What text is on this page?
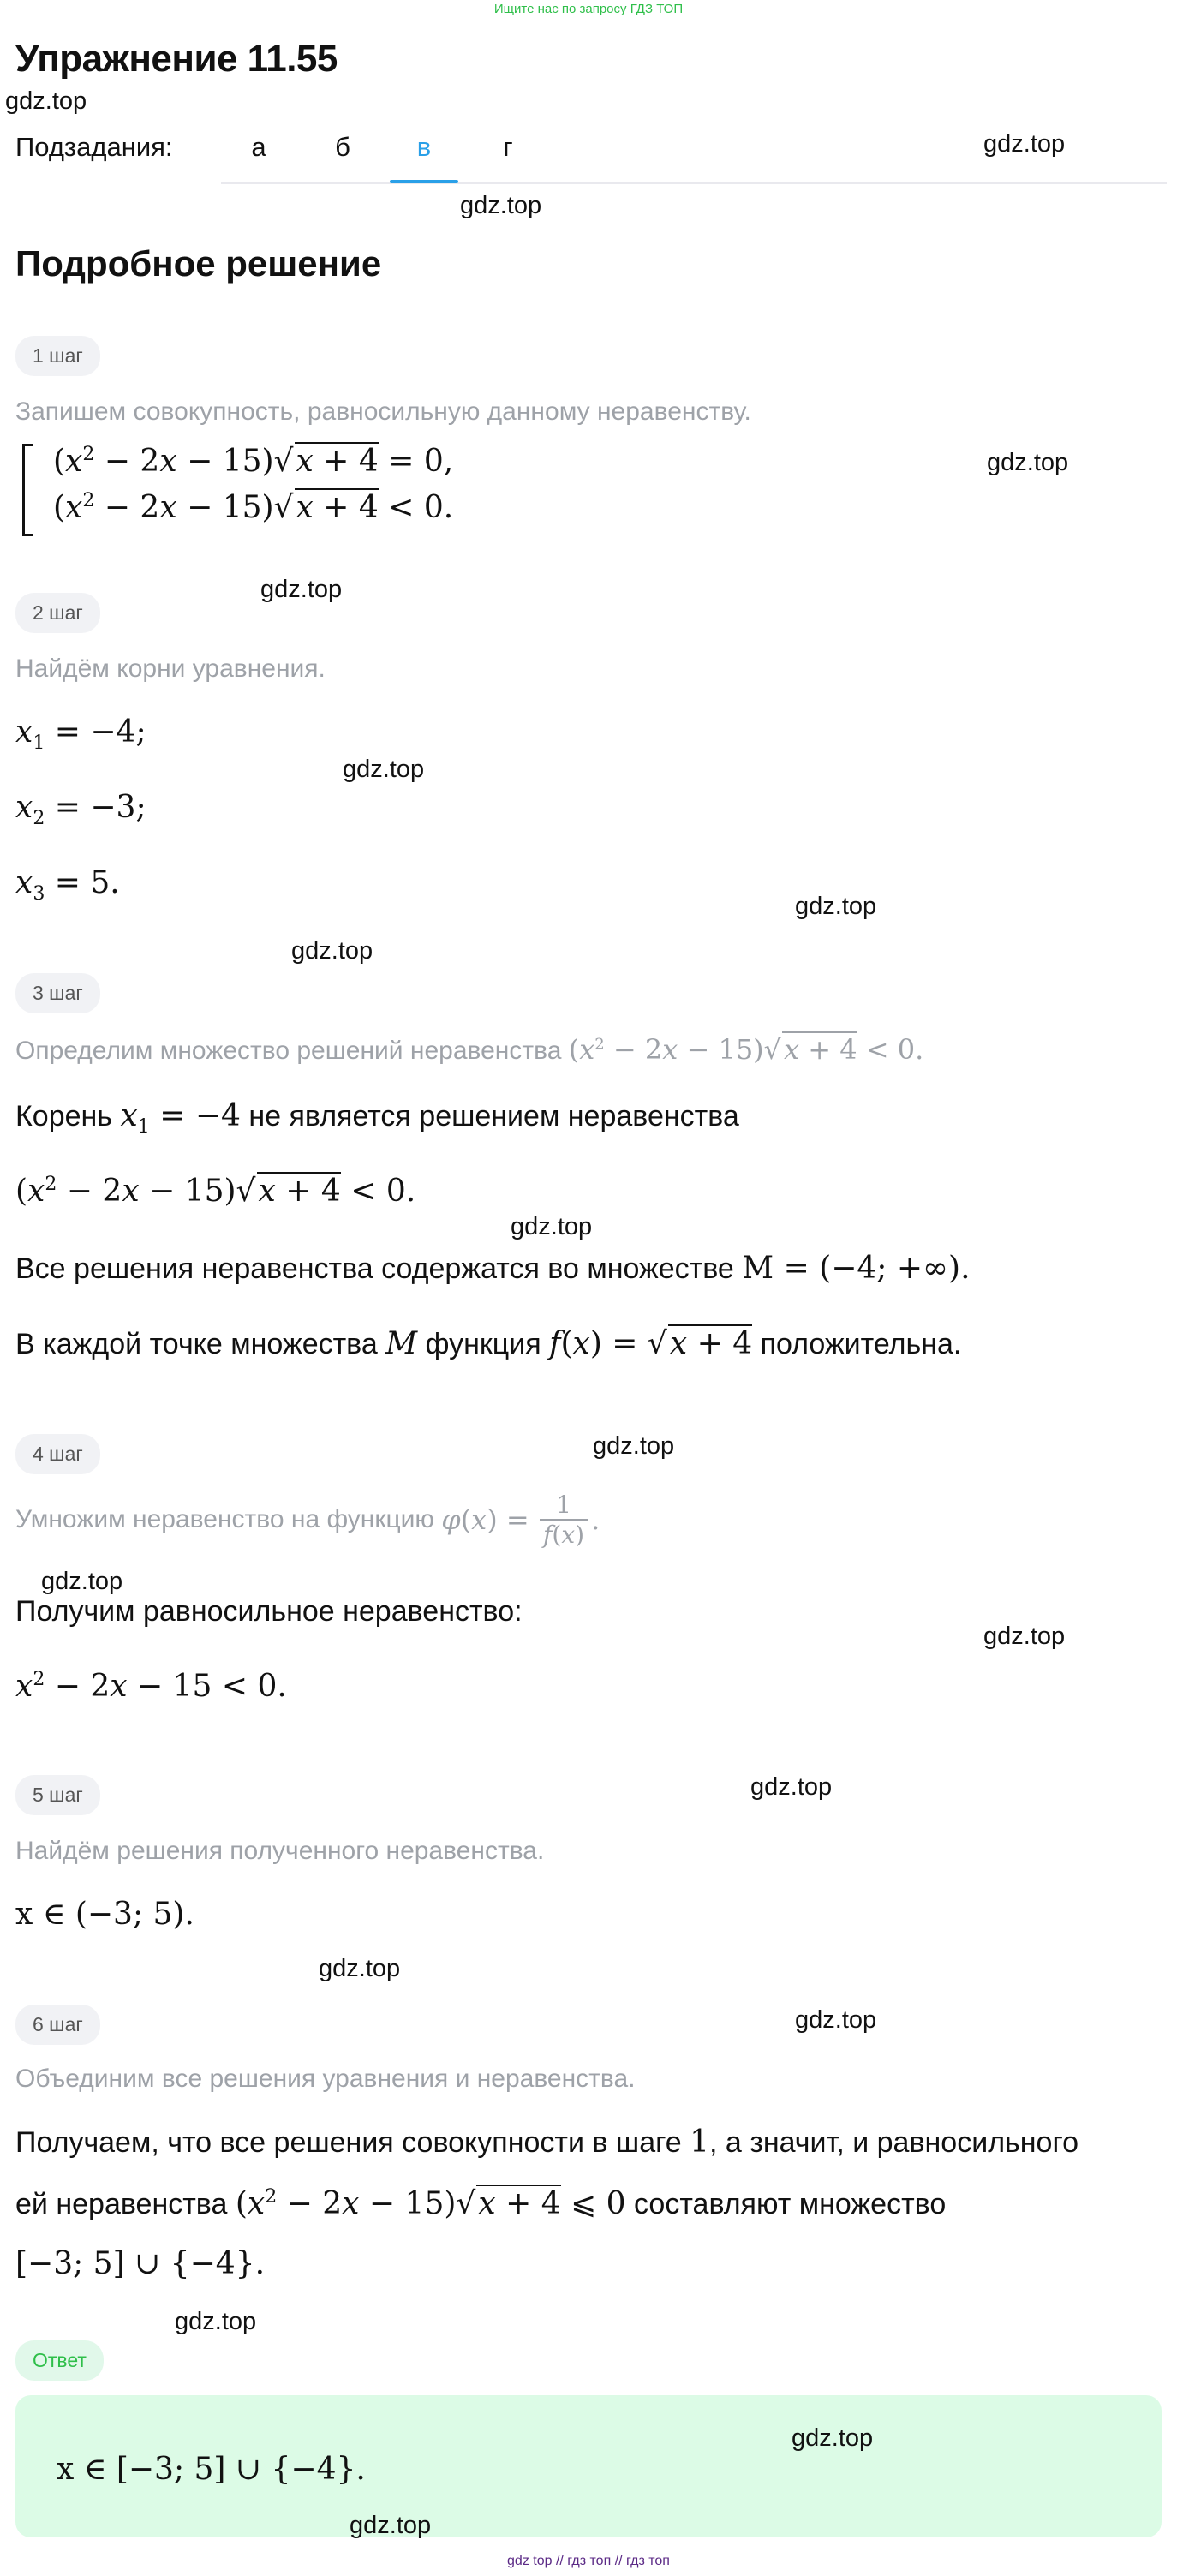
Ищите нас по запросу ГДЗ ТОП
Упражнение 11.55
gdz.top
Подзадания:	а	б	в	г	gdz.top
gdz.top
Подробное решение
1 шаг
Запишем совокупность, равносильную данному неравенству.
$(x^2 - 2x - 15)√x + 4 = 0$,
$(x^2 - 2x - 15)√x + 4 < 0$.
gdz.top
gdz.top
2 шаг
Найдём корни уравнения.
$x_1 = -4$;
gdz.top
$x_2 = -3$;
$x_3 = 5$.
gdz.top
gdz.top
3 шаг
Определим множество решений неравенства $(x^2 - 2x - 15)√x + 4 < 0$.
Корень $x_1 = -4$ не является решением неравенства
$(x^2 - 2x - 15)√x + 4 < 0$.
gdz.top
Все решения неравенства содержатся во множестве M = (−4; +∞).
В каждой точке множества M функция f(x) = √x + 4 положительна.
gdz.top
4 шаг
Умножим неравенство на функцию $\varphi(x) = \frac{1}{f(x)}$ .
gdz.top
Получим равносильное неравенство:
gdz.top
$x^2 - 2x - 15 < 0$.
gdz.top
5 шаг
Найдём решения полученного неравенства.
x ∈ (−3; 5).
gdz.top
6 шаг	gdz.top
Объединим все решения уравнения и неравенства.
Получаем, что все решения совокупности в шаге 1, а значит, и равносильного
ей неравенства $(x^2 - 2x - 15)√x + 4$ ⩽ 0 составляют множество
[−3; 5] ∪ {−4}.
gdz.top
Ответ
gdz.top
x ∈ [−3; 5] ∪ {−4}.
gdz.top
gdz top // гдз топ // гдз топ
